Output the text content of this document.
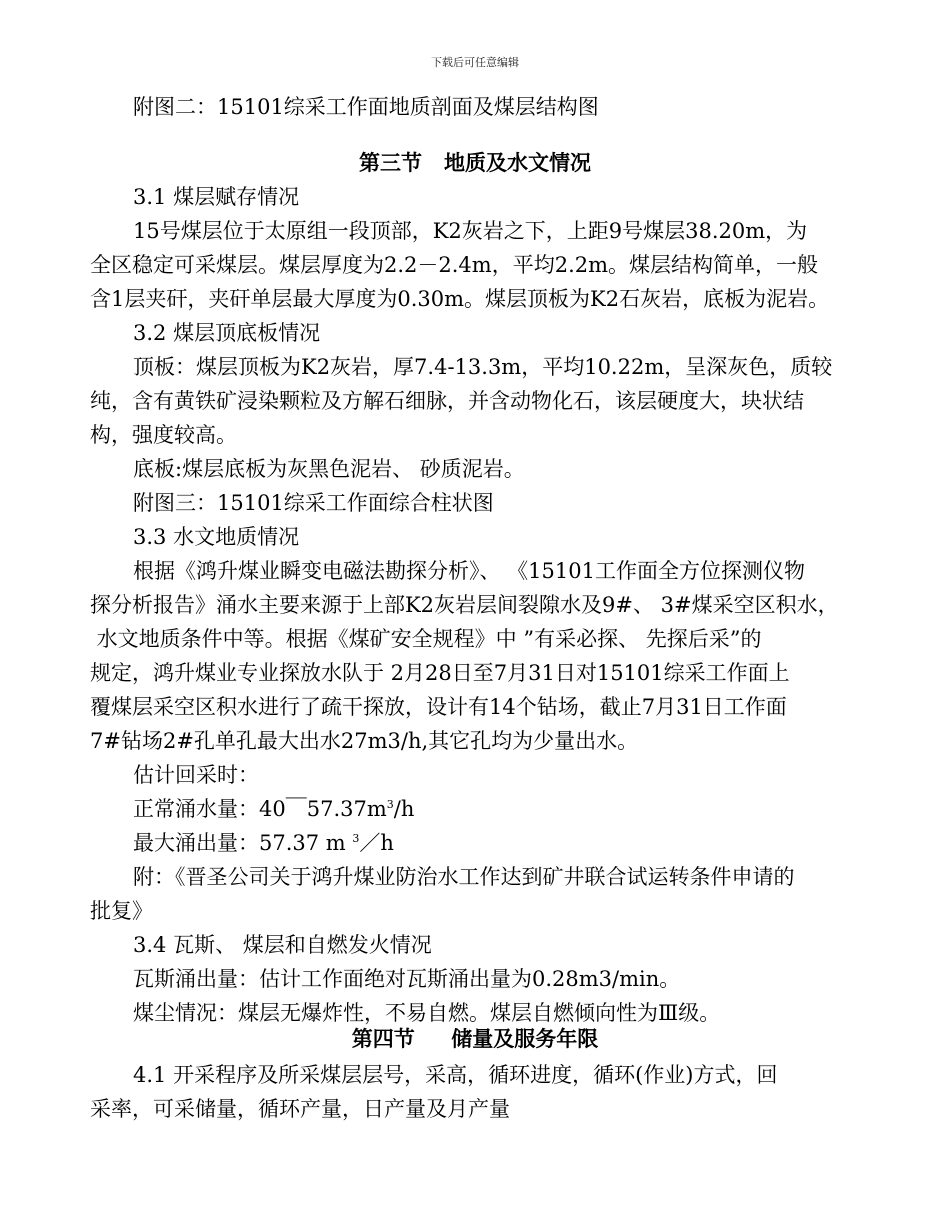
下载后可任意编辑
附图二：15101综采工作面地质剖面及煤层结构图
第三节   地质及水文情况
3.1 煤层赋存情况
15号煤层位于太原组一段顶部，K2灰岩之下，上距9号煤层38.20m，为
全区稳定可采煤层。煤层厚度为2.2－2.4m，平均2.2m。煤层结构简单，一般
含1层夹矸，夹矸单层最大厚度为0.30m。煤层顶板为K2石灰岩，底板为泥岩。
3.2 煤层顶底板情况
顶板：煤层顶板为K2灰岩，厚7.4-13.3m，平均10.22m，呈深灰色，质较
纯，含有黄铁矿浸染颗粒及方解石细脉，并含动物化石，该层硬度大，块状结
构，强度较高。
底板:煤层底板为灰黑色泥岩、 砂质泥岩。
附图三：15101综采工作面综合柱状图
3.3 水文地质情况
根据《鸿升煤业瞬变电磁法勘探分析》、 《15101工作面全方位探测仪物
探分析报告》涌水主要来源于上部K2灰岩层间裂隙水及9#、 3#煤采空区积水，
水文地质条件中等。根据《煤矿安全规程》中 ”有采必探、 先探后采”的
规定，鸿升煤业专业探放水队于 2月28日至7月31日对15101综采工作面上
覆煤层采空区积水进行了疏干探放，设计有14个钻场，截止7月31日工作面
7#钻场2#孔单孔最大出水27m3/h,其它孔均为少量出水。
估计回采时：
正常涌水量：40￣$57.37m^3/h$
最大涌出量：57.37 m $^3$／h
附：《晋圣公司关于鸿升煤业防治水工作达到矿井联合试运转条件申请的
批复》
3.4 瓦斯、 煤层和自燃发火情况
瓦斯涌出量：估计工作面绝对瓦斯涌出量为0.28m3/min。
煤尘情况：煤层无爆炸性，不易自燃。煤层自燃倾向性为Ⅲ级。
第四节     储量及服务年限
4.1 开采程序及所采煤层层号，采高，循环进度，循环(作业)方式，回
采率，可采储量，循环产量，日产量及月产量
